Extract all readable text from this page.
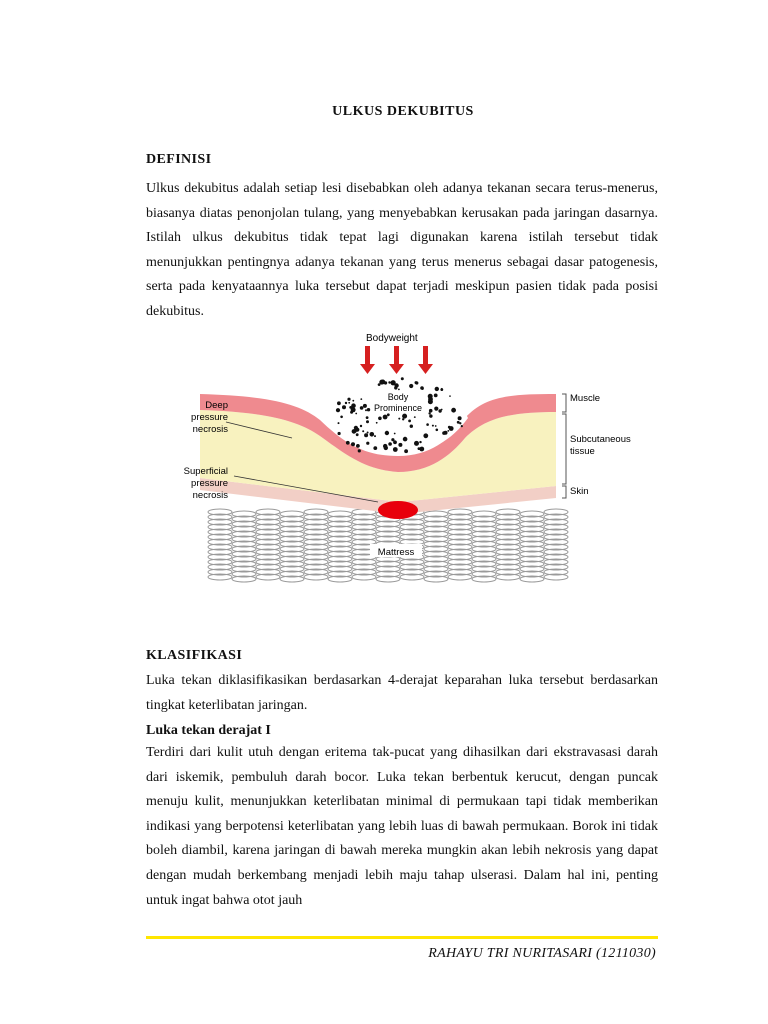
ULKUS DEKUBITUS
DEFINISI

Ulkus dekubitus adalah setiap lesi disebabkan oleh adanya tekanan secara terus-menerus, biasanya diatas penonjolan tulang, yang menyebabkan kerusakan pada jaringan dasarnya. Istilah ulkus dekubitus tidak tepat lagi digunakan karena istilah tersebut tidak menunjukkan pentingnya adanya tekanan yang terus menerus sebagai dasar patogenesis, serta pada kenyataannya luka tersebut dapat terjadi meskipun pasien tidak pada posisi dekubitus.

Bodyweight
Body
Prominence
Deep
pressure
necrosis
Superficial
pressure
necrosis
Muscle
Subcutaneous
tissue
Skin
Mattress
KLASIFIKASI

Luka tekan diklasifikasikan berdasarkan 4-derajat keparahan luka tersebut berdasarkan tingkat keterlibatan jaringan.

Luka tekan derajat I

Terdiri dari kulit utuh dengan eritema tak-pucat yang dihasilkan dari ekstravasasi darah dari iskemik, pembuluh darah bocor. Luka tekan berbentuk kerucut, dengan puncak menuju kulit, menunjukkan keterlibatan minimal di permukaan tapi tidak memberikan indikasi yang berpotensi keterlibatan yang lebih luas di bawah permukaan. Borok ini tidak boleh diambil, karena jaringan di bawah mereka mungkin akan lebih nekrosis yang dapat dengan mudah berkembang menjadi lebih maju tahap ulserasi. Dalam hal ini, penting untuk ingat bahwa otot jauh

RAHAYU TRI NURITASARI (1211030)
